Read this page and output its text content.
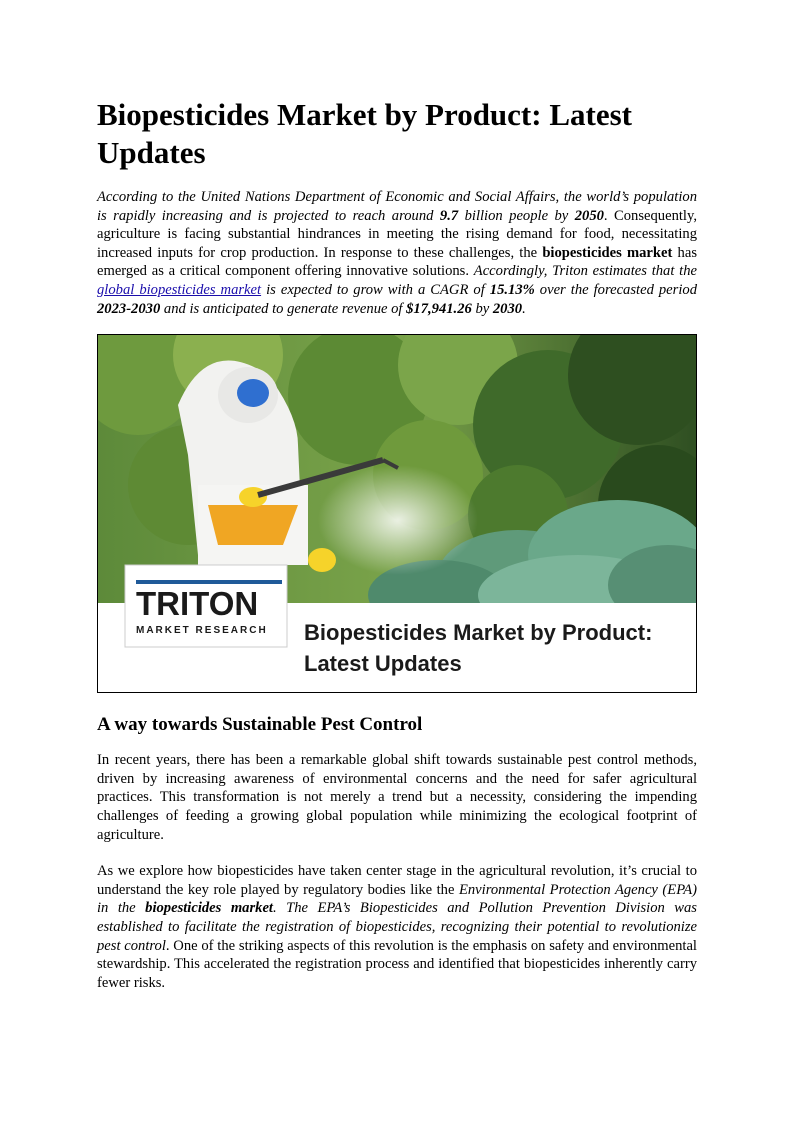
Biopesticides Market by Product: Latest Updates

According to the United Nations Department of Economic and Social Affairs, the world’s population is rapidly increasing and is projected to reach around 9.7 billion people by 2050. Consequently, agriculture is facing substantial hindrances in meeting the rising demand for food, necessitating increased inputs for crop production. In response to these challenges, the biopesticides market has emerged as a critical component offering innovative solutions. Accordingly, Triton estimates that the global biopesticides market is expected to grow with a CAGR of 15.13% over the forecasted period 2023-2030 and is anticipated to generate revenue of $17,941.26 by 2030.

TRITON
MARKET RESEARCH Biopesticides Market by Product:
Latest Updates
A way towards Sustainable Pest Control

In recent years, there has been a remarkable global shift towards sustainable pest control methods, driven by increasing awareness of environmental concerns and the need for safer agricultural practices. This transformation is not merely a trend but a necessity, considering the impending challenges of feeding a growing global population while minimizing the ecological footprint of agriculture.

As we explore how biopesticides have taken center stage in the agricultural revolution, it’s crucial to understand the key role played by regulatory bodies like the Environmental Protection Agency (EPA) in the biopesticides market. The EPA’s Biopesticides and Pollution Prevention Division was established to facilitate the registration of biopesticides, recognizing their potential to revolutionize pest control. One of the striking aspects of this revolution is the emphasis on safety and environmental stewardship. This accelerated the registration process and identified that biopesticides inherently carry fewer risks.
